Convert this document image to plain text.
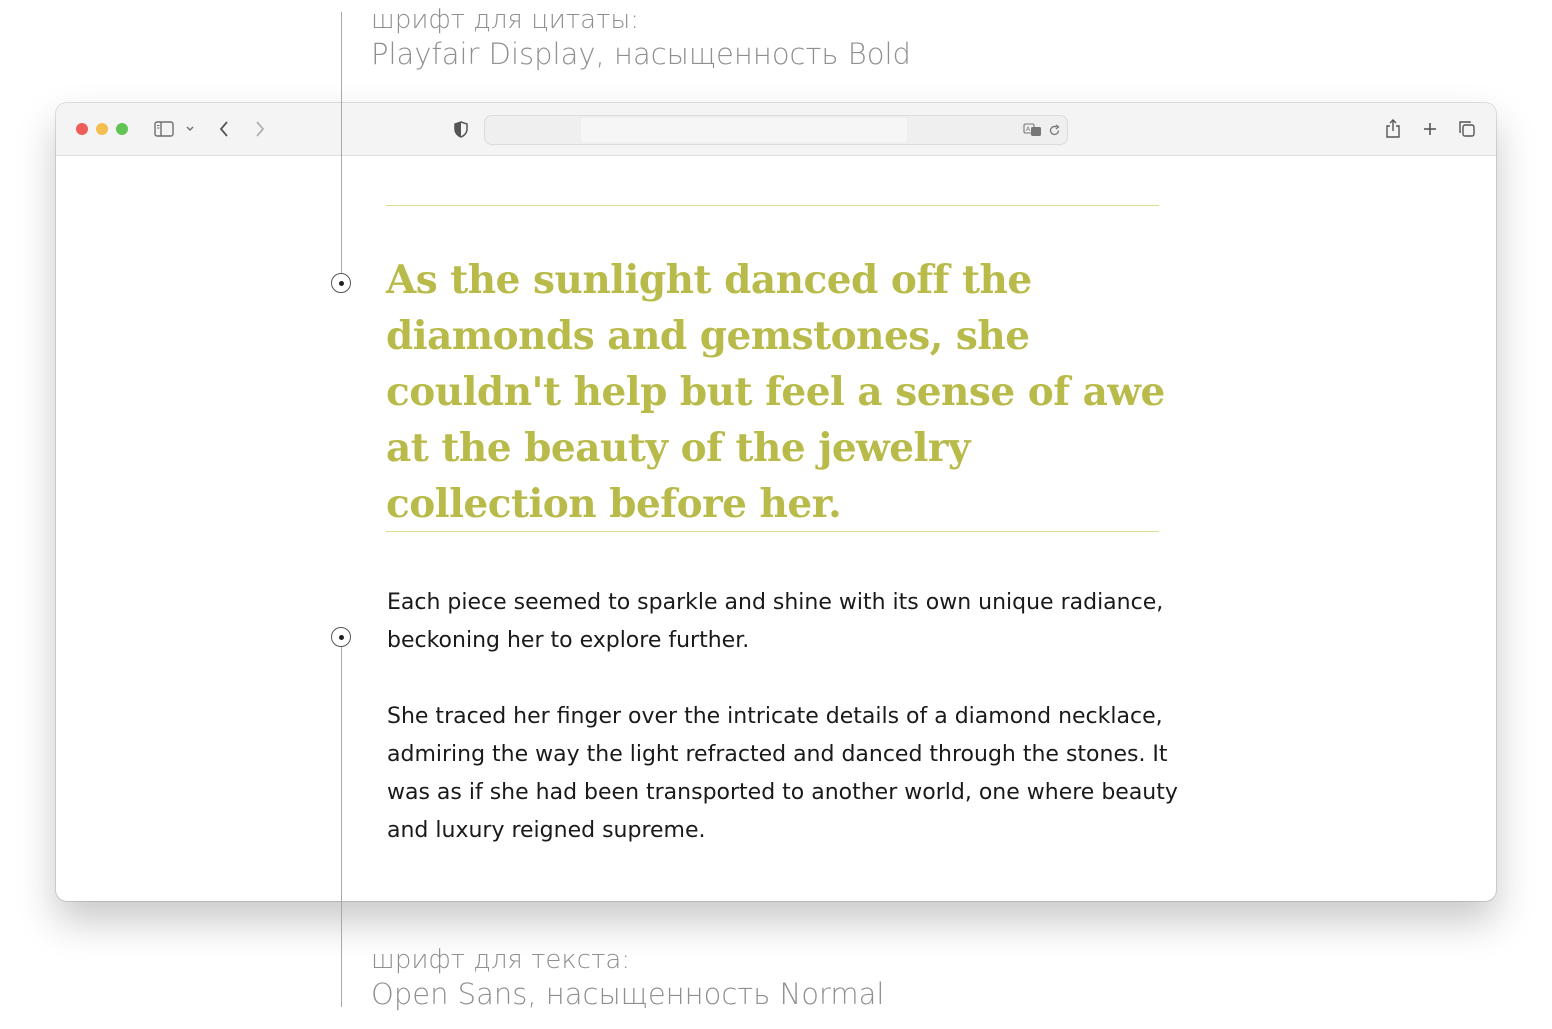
шрифт для цитаты:
Playfair Display, насыщенность Bold
A

As the sunlight danced off the diamonds and gemstones, she couldn't help but feel a sense of awe at the beauty of the jewelry collection before her.

Each piece seemed to sparkle and shine with its own unique radiance, beckoning her to explore further.

She traced her finger over the intricate details of a diamond necklace, admiring the way the light refracted and danced through the stones. It was as if she had been transported to another world, one where beauty and luxury reigned supreme.

шрифт для текста:
Open Sans, насыщенность Normal
